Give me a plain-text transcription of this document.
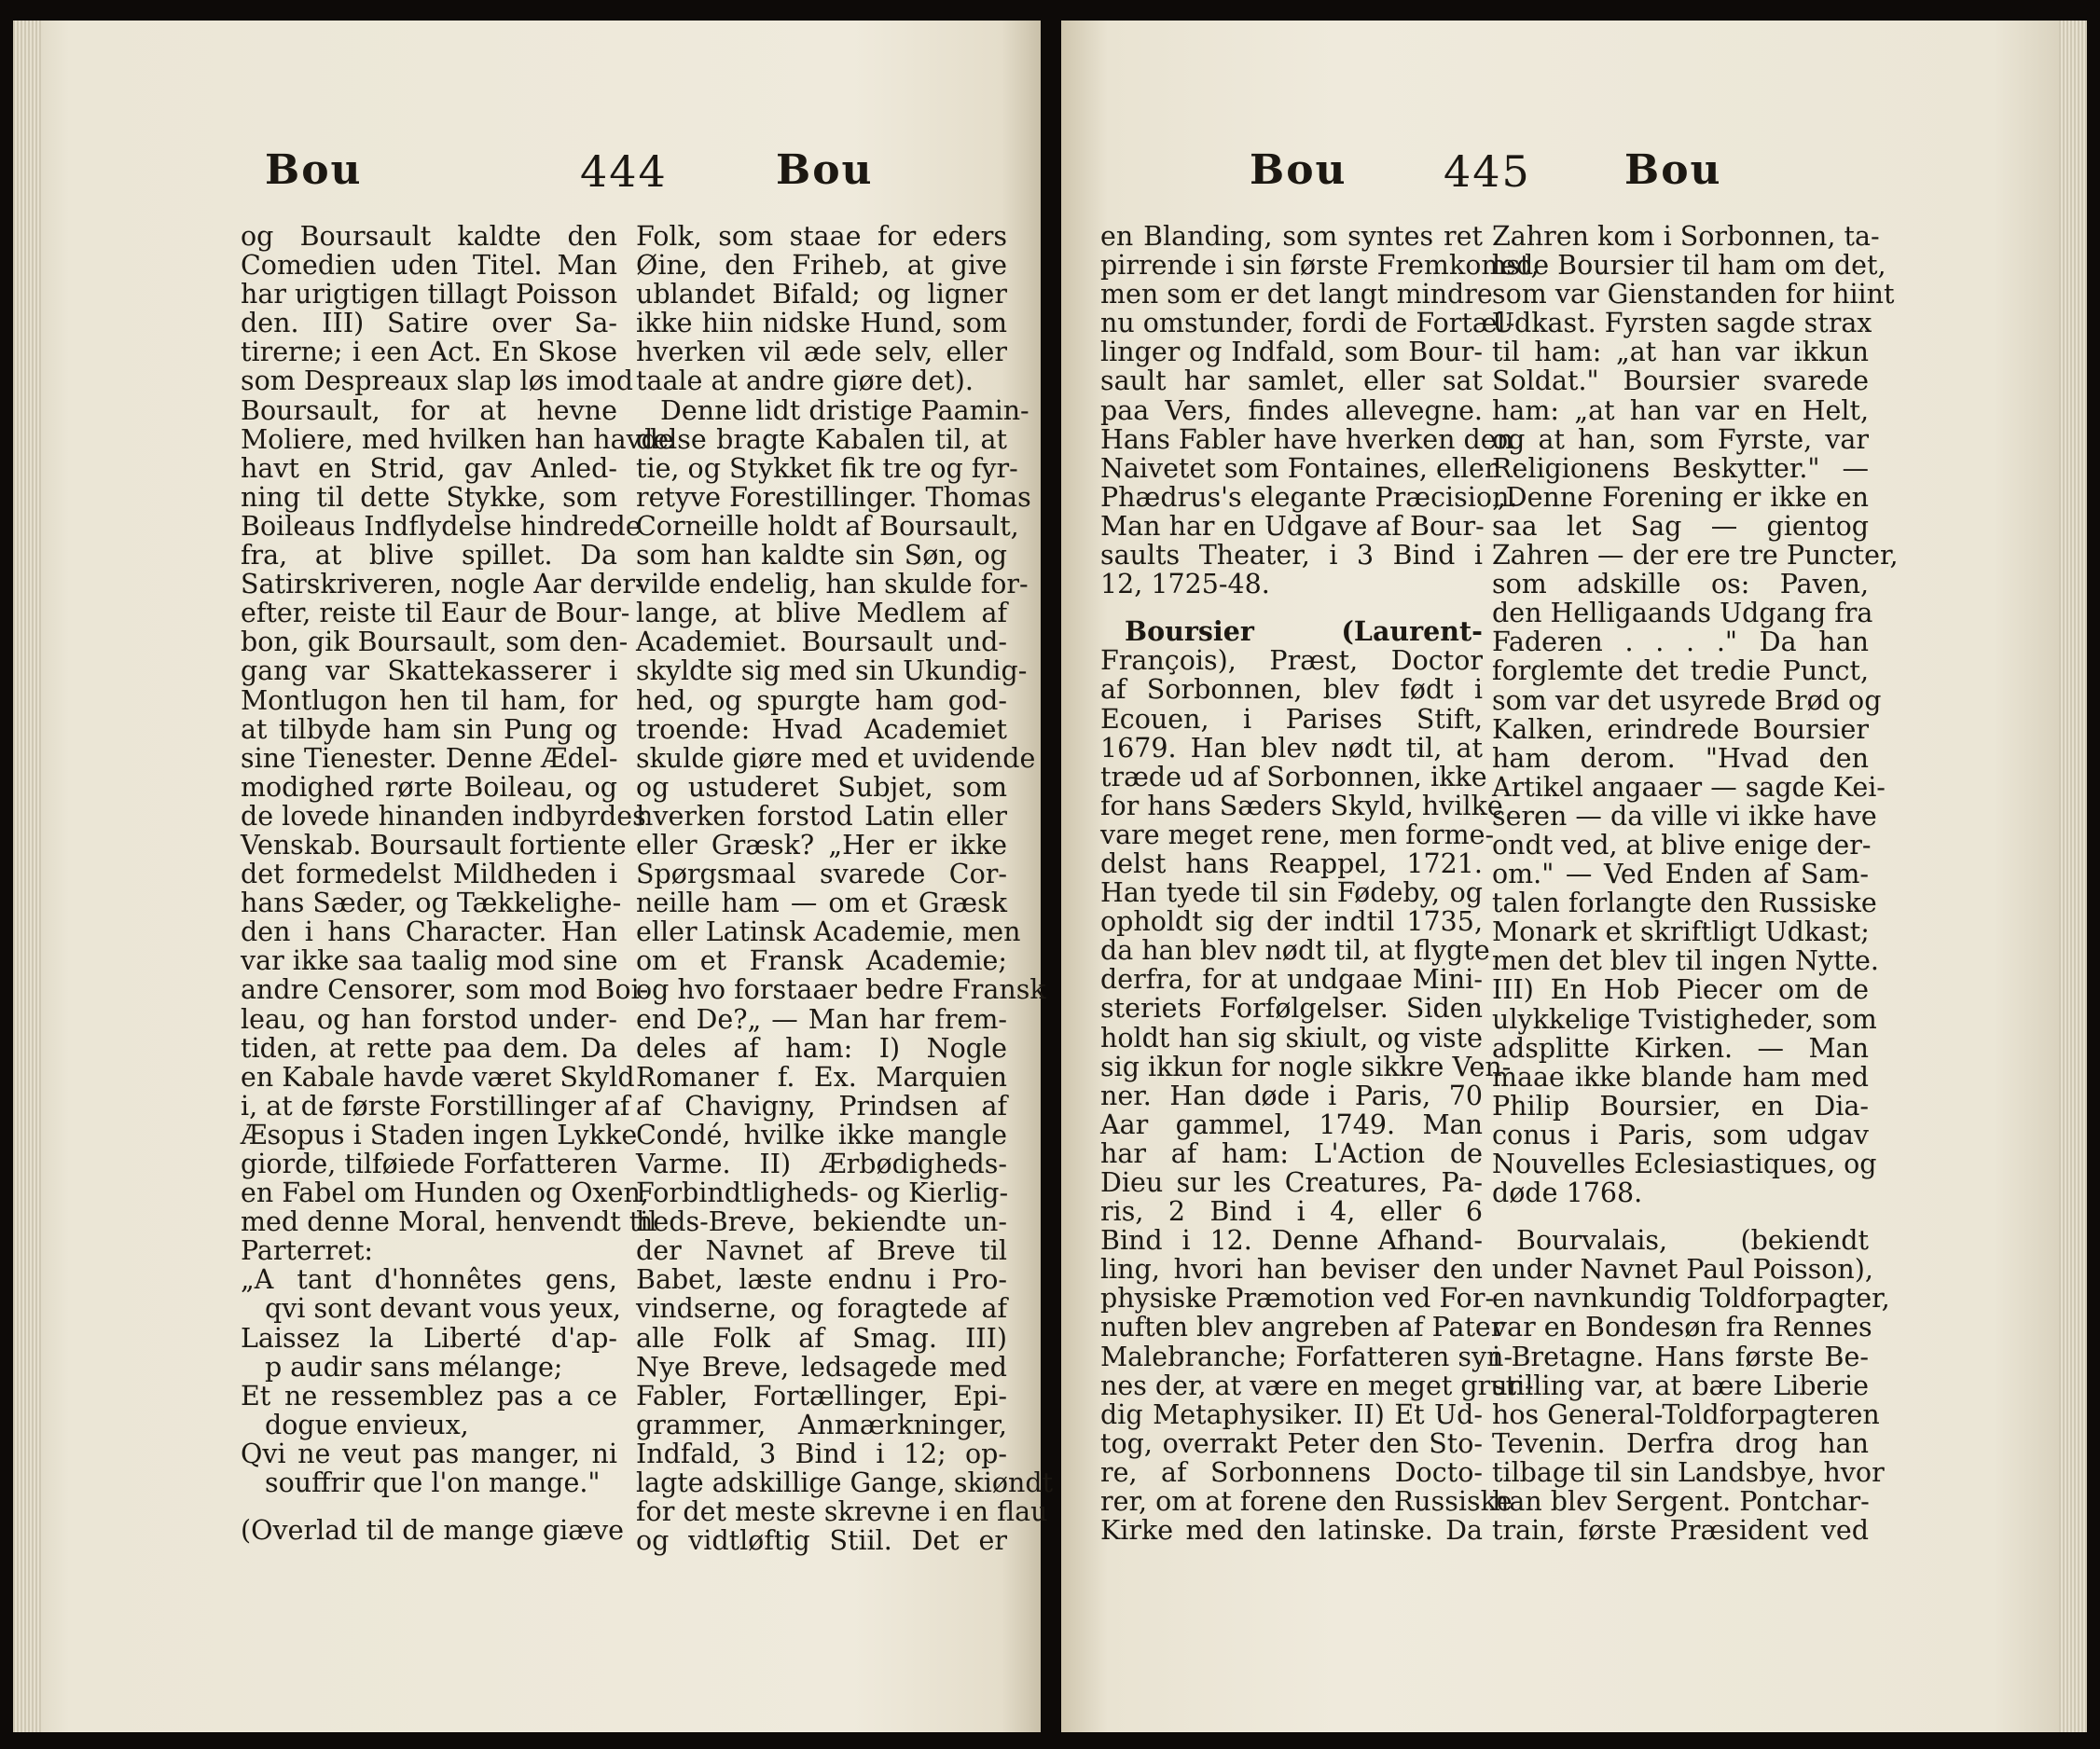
Bou	444	Bou
og Boursault kaldte den
Comedien uden Titel. Man
har urigtigen tillagt Poisson
den. III) Satire over Sa-
tirerne; i een Act. En Skose
som Despreaux slap løs imod
Boursault, for at hevne
Moliere, med hvilken han havde
havt en Strid, gav Anled-
ning til dette Stykke, som
Boileaus Indflydelse hindrede
fra, at blive spillet. Da
Satirskriveren, nogle Aar der-
efter, reiste til Eaur de Bour-
bon, gik Boursault, som den-
gang var Skattekasserer i
Montlugon hen til ham, for
at tilbyde ham sin Pung og
sine Tienester. Denne Ædel-
modighed rørte Boileau, og
de lovede hinanden indbyrdes
Venskab. Boursault fortiente
det formedelst Mildheden i
hans Sæder, og Tækkelighe-
den i hans Character. Han
var ikke saa taalig mod sine
andre Censorer, som mod Boi-
leau, og han forstod under-
tiden, at rette paa dem. Da
en Kabale havde været Skyld
i, at de første Forstillinger af
Æsopus i Staden ingen Lykke
giorde, tilføiede Forfatteren
en Fabel om Hunden og Oxen,
med denne Moral, henvendt til
Parterret:
„A tant d'honnêtes gens,
qvi sont devant vous yeux,
Laissez la Liberté d'ap-
p audir sans mélange;
Et ne ressemblez pas a ce
dogue envieux,
Qvi ne veut pas manger, ni
souffrir que l'on mange."
(Overlad til de mange giæve
Folk, som staae for eders
Øine, den Friheb, at give
ublandet Bifald; og ligner
ikke hiin nidske Hund, som
hverken vil æde selv, eller
taale at andre giøre det).
Denne lidt dristige Paamin-
delse bragte Kabalen til, at
tie, og Stykket fik tre og fyr-
retyve Forestillinger. Thomas
Corneille holdt af Boursault,
som han kaldte sin Søn, og
vilde endelig, han skulde for-
lange, at blive Medlem af
Academiet. Boursault und-
skyldte sig med sin Ukundig-
hed, og spurgte ham god-
troende: Hvad Academiet
skulde giøre med et uvidende
og ustuderet Subjet, som
hverken forstod Latin eller
eller Græsk? „Her er ikke
Spørgsmaal svarede Cor-
neille ham — om et Græsk
eller Latinsk Academie, men
om et Fransk Academie;
og hvo forstaaer bedre Fransk
end De?„ — Man har frem-
deles af ham: I) Nogle
Romaner f. Ex. Marquien
af Chavigny, Prindsen af
Condé, hvilke ikke mangle
Varme. II) Ærbødigheds-
Forbindtligheds- og Kierlig-
heds-Breve, bekiendte un-
der Navnet af Breve til
Babet, læste endnu i Pro-
vindserne, og foragtede af
alle Folk af Smag. III)
Nye Breve, ledsagede med
Fabler, Fortællinger, Epi-
grammer, Anmærkninger,
Indfald, 3 Bind i 12; op-
lagte adskillige Gange, skiøndt
for det meste skrevne i en flau
og vidtløftig Stiil. Det er
Bou 445 Bou
en Blanding, som syntes ret
pirrende i sin første Fremkomst,
men som er det langt mindre
nu omstunder, fordi de Fortæl-
linger og Indfald, som Bour-
sault har samlet, eller sat
paa Vers, findes allevegne.
Hans Fabler have hverken den
Naivetet som Fontaines, eller
Phædrus's elegante Præcision.
Man har en Udgave af Bour-
saults Theater, i 3 Bind i
12, 1725-48.
Boursier (Laurent-
François), Præst, Doctor
af Sorbonnen, blev født i
Ecouen, i Parises Stift,
1679. Han blev nødt til, at
træde ud af Sorbonnen, ikke
for hans Sæders Skyld, hvilke
vare meget rene, men forme-
delst hans Reappel, 1721.
Han tyede til sin Fødeby, og
opholdt sig der indtil 1735,
da han blev nødt til, at flygte
derfra, for at undgaae Mini-
steriets Forfølgelser. Siden
holdt han sig skiult, og viste
sig ikkun for nogle sikkre Ven-
ner. Han døde i Paris, 70
Aar gammel, 1749. Man
har af ham: L'Action de
Dieu sur les Creatures, Pa-
ris, 2 Bind i 4, eller 6
Bind i 12. Denne Afhand-
ling, hvori han beviser den
physiske Præmotion ved For-
nuften blev angreben af Pater
Malebranche; Forfatteren syn-
nes der, at være en meget grun-
dig Metaphysiker. II) Et Ud-
tog, overrakt Peter den Sto-
re, af Sorbonnens Docto-
rer, om at forene den Russiske
Kirke med den latinske. Da
Zahren kom i Sorbonnen, ta-
lede Boursier til ham om det,
som var Gienstanden for hiint
Udkast. Fyrsten sagde strax
til ham: „at han var ikkun
Soldat." Boursier svarede
ham: „at han var en Helt,
og at han, som Fyrste, var
Religionens Beskytter." —
„Denne Forening er ikke en
saa let Sag — gientog
Zahren — der ere tre Puncter,
som adskille os: Paven,
den Helligaands Udgang fra
Faderen . . . ." Da han
forglemte det tredie Punct,
som var det usyrede Brød og
Kalken, erindrede Boursier
ham derom. "Hvad den
Artikel angaaer — sagde Kei-
seren — da ville vi ikke have
ondt ved, at blive enige der-
om." — Ved Enden af Sam-
talen forlangte den Russiske
Monark et skriftligt Udkast;
men det blev til ingen Nytte.
III) En Hob Piecer om de
ulykkelige Tvistigheder, som
adsplitte Kirken. — Man
maae ikke blande ham med
Philip Boursier, en Dia-
conus i Paris, som udgav
Nouvelles Eclesiastiques, og
døde 1768.
Bourvalais, (bekiendt
under Navnet Paul Poisson),
en navnkundig Toldforpagter,
var en Bondesøn fra Rennes
i Bretagne. Hans første Be-
stilling var, at bære Liberie
hos General-Toldforpagteren
Tevenin. Derfra drog han
tilbage til sin Landsbye, hvor
han blev Sergent. Pontchar-
train, første Præsident ved
